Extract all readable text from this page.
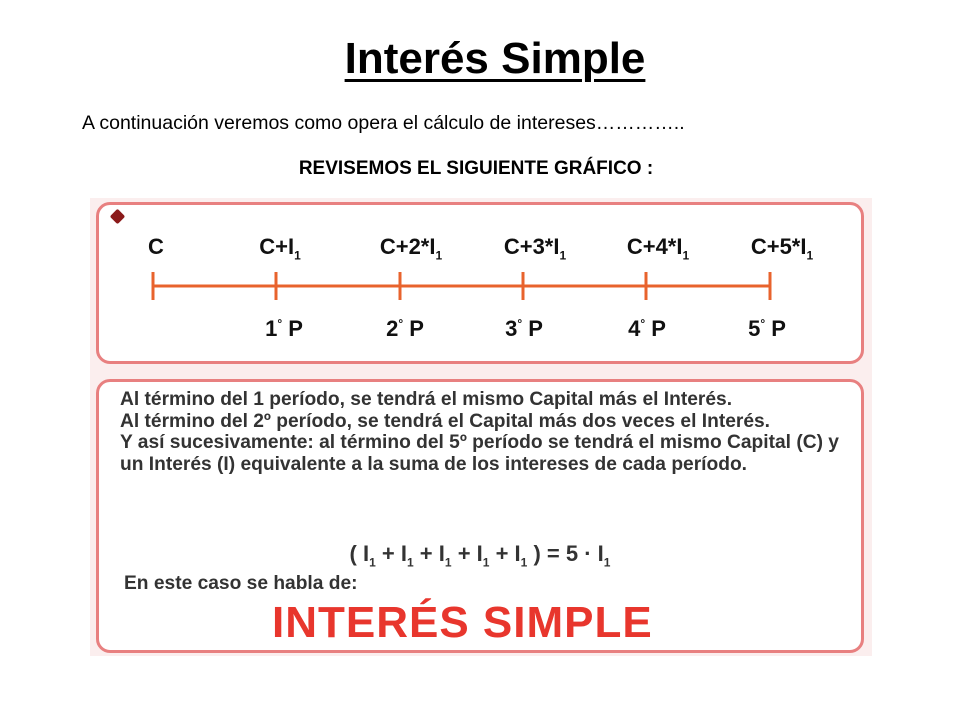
Interés Simple
A continuación veremos como opera el cálculo de intereses…………..
REVISEMOS EL SIGUIENTE GRÁFICO :
C	$C+I_1$	$C+2*I_1$	$C+3*I_1$	$C+4*I_1$	$C+5*I_1$
1° P	2° P	3° P	4° P	5° P

Al término del 1 período, se tendrá el mismo Capital más el Interés.

Al término del 2º período, se tendrá el Capital más dos veces el Interés.

Y así sucesivamente: al término del 5º período se tendrá el mismo Capital (C) y un Interés (I) equivalente a la suma de los intereses de cada período.

( $I_1 + I_1 + I_1 + I_1 + I_1$ ) = $5 \cdot I_1$
En este caso se habla de:
INTERÉS SIMPLE
